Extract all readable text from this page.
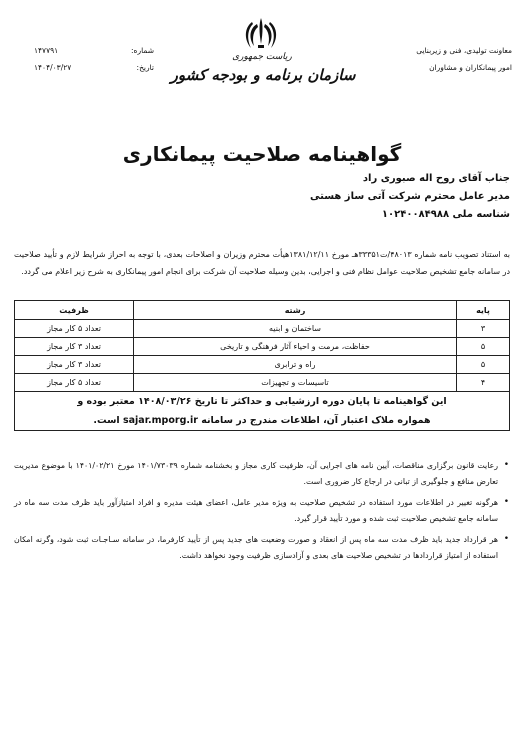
معاونت تولیدی، فنی و زیربنایی
امور پیمانکاران و مشاوران
ریاست جمهوری
سازمان برنامه و بودجه کشور
شماره:
۱۴۷۷۹۱
تاریخ:
۱۴۰۴/۰۳/۲۷
گواهینامه صلاحیت پیمانکاری
جناب آقای روح اله صبوری راد
مدیر عامل محترم شرکت آتی ساز هستی
شناسه ملی ۱۰۲۴۰۰۸۴۹۸۸
به استناد تصویب نامه شماره ۴۸۰۱۳/ت۳۳۳۵۱هـ مورخ ۱۳۸۱/۱۲/۱۱هیأت محترم وزیران و اصلاحات بعدی، با توجه به احراز شرایط لازم و تأیید صلاحیت در سامانه جامع تشخیص صلاحیت عوامل نظام فنی و اجرایی، بدین وسیله صلاحیت آن شرکت برای انجام امور پیمانکاری به شرح زیر اعلام می گردد.
پایه	رشته	ظرفیت
۳	ساختمان و ابنیه	تعداد ۵ کار مجاز
۵	حفاظت، مرمت و احیاء آثار فرهنگی و تاریخی	تعداد ۳ کار مجاز
۵	راه و ترابری	تعداد ۳ کار مجاز
۴	تاسیسات و تجهیزات	تعداد ۵ کار مجاز

این گواهینامه تا پایان دوره ارزشیابی و حداکثر تا تاریخ ۱۴۰۸/۰۳/۲۶ معتبر بوده و
همواره ملاک اعتبار آن، اطلاعات مندرج در سامانه sajar.mporg.ir است.		
• رعایت قانون برگزاری مناقصات، آیین نامه های اجرایی آن، ظرفیت کاری مجاز و بخشنامه شماره ۱۴۰۱/۷۳۰۳۹ مورخ ۱۴۰۱/۰۲/۲۱ با موضوع مدیریت تعارض منافع و جلوگیری از تبانی در ارجاع کار ضروری است.
• هرگونه تغییر در اطلاعات مورد استفاده در تشخیص صلاحیت به ویژه مدیر عامل، اعضای هیئت مدیره و افراد امتیازآور باید ظرف مدت سه ماه در سامانه جامع تشخیص صلاحیت ثبت شده و مورد تأیید قرار گیرد.
• هر قرارداد جدید باید ظرف مدت سه ماه پس از انعقاد و صورت وضعیت های جدید پس از تأیید کارفرما، در سامانه سـاجـات ثبت شود، وگرنه امکان استفاده از امتیاز قراردادها در تشخیص صلاحیت های بعدی و آزادسازی ظرفیت وجود نخواهد داشت.
